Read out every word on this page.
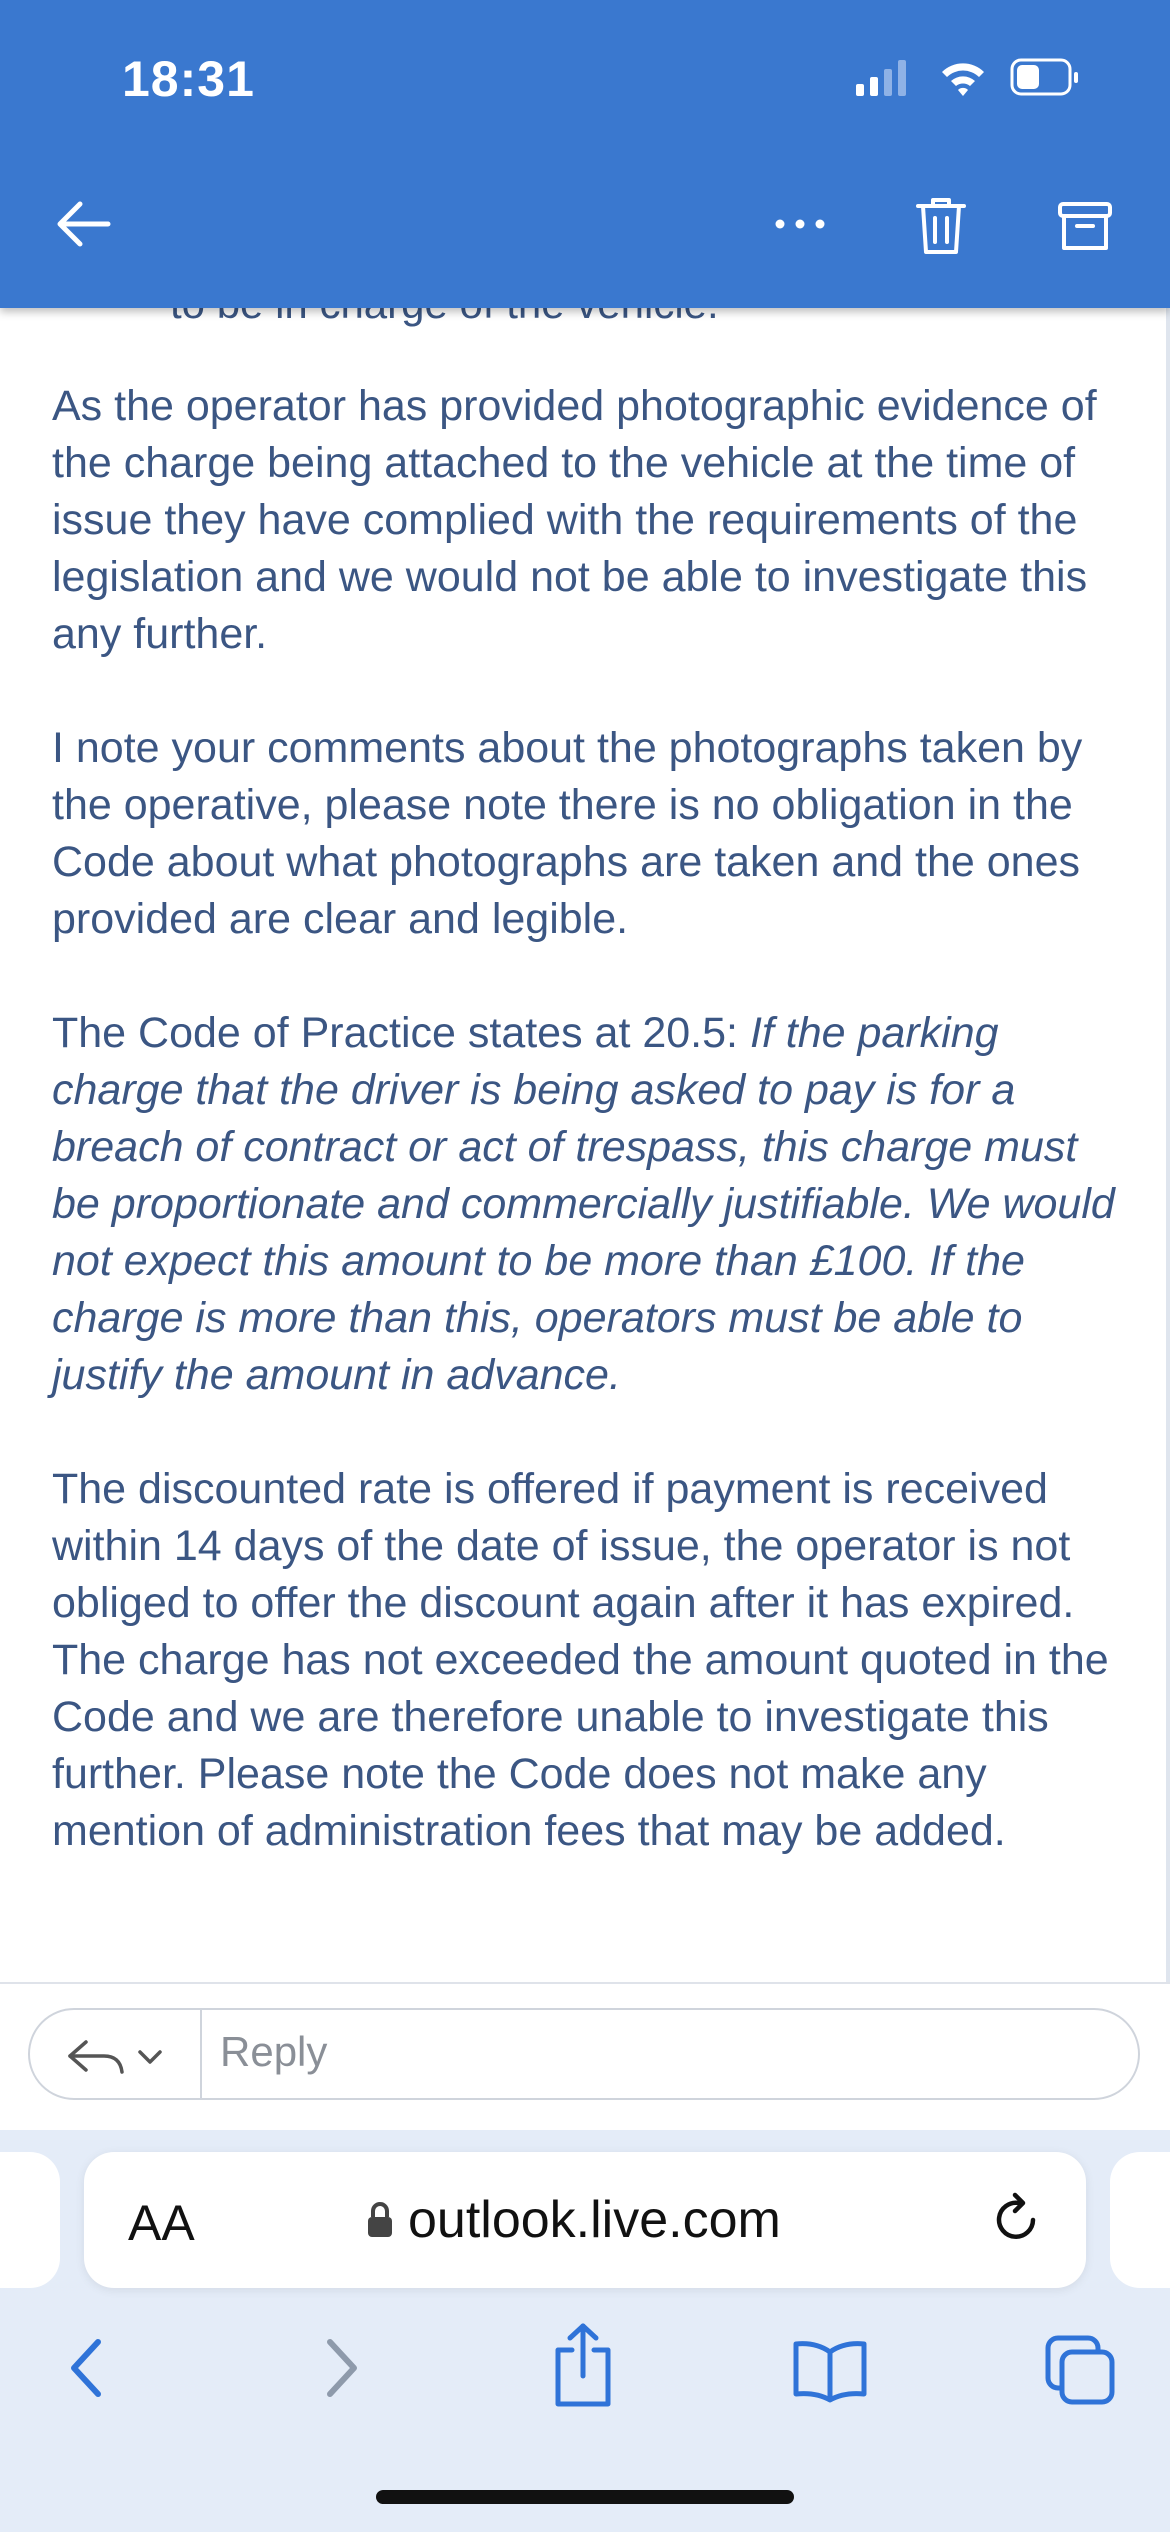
18:31

As the operator has provided photographic evidence of the charge being attached to the vehicle at the time of issue they have complied with the requirements of the legislation and we would not be able to investigate this any further.

I note your comments about the photographs taken by the operative, please note there is no obligation in the Code about what photographs are taken and the ones provided are clear and legible.

The Code of Practice states at 20.5: If the parking charge that the driver is being asked to pay is for a breach of contract or act of trespass, this charge must be proportionate and commercially justifiable. We would not expect this amount to be more than £100. If the charge is more than this, operators must be able to justify the amount in advance.

The discounted rate is offered if payment is received within 14 days of the date of issue, the operator is not obliged to offer the discount again after it has expired. The charge has not exceeded the amount quoted in the Code and we are therefore unable to investigate this further. Please note the Code does not make any mention of administration fees that may be added.

Reply
AA	outlook.live.com
